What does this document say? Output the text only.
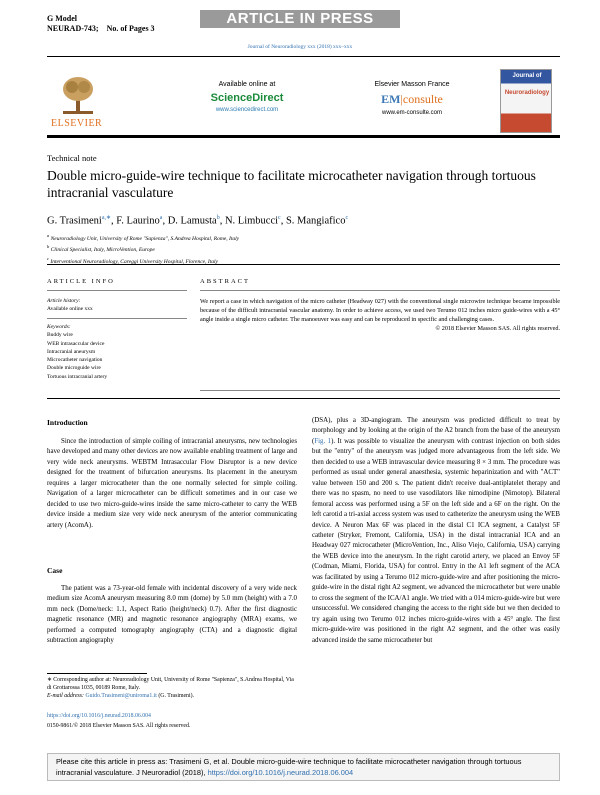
G Model
NEURAD-743; No. of Pages 3
ARTICLE IN PRESS
Journal of Neuroradiology xxx (2018) xxx–xxx
ELSEVIER
Available online at
ScienceDirect
www.sciencedirect.com
Elsevier Masson France
EM|consulte
www.em-consulte.com
Journal of
Neuroradiology
Technical note
Double micro-guide-wire technique to facilitate microcatheter navigation through tortuous intracranial vasculature
G. Trasimeni$^{a,∗}$, F. Laurino$^a$, D. Lamusta$^b$, N. Limbucci$^c$, S. Mangiafico$^c$
$^a$ Neuroradiology Unit, University of Rome "Sapienza", S.Andrea Hospital, Rome, Italy
$^b$ Clinical Specialist, Italy, MicroVention, Europe
$^c$ Interventional Neuroradiology, Careggi University Hospital, Florence, Italy
ARTICLE INFO	ABSTRACT
Article history:
Available online xxx
Keywords:
Buddy wire
WEB intrasaccular device
Intracranial aneurysm
Microcatheter navigation
Double microguide wire
Tortuous intracranial artery
We report a case in which navigation of the micro catheter (Headway 027) with the conventional single microwire technique became impossible because of the difficult intracranial vascular anatomy. In order to achieve access, we used two Terumo 012 inches micro guide-wires with a 45° angle inside a single micro catheter. The manoeuver was easy and can be reproduced in specific and challenging cases.
© 2018 Elsevier Masson SAS. All rights reserved.
Introduction
Since the introduction of simple coiling of intracranial aneurysms, new technologies have developed and many other devices are now available enabling treatment of large and very wide neck aneurysms. WEBTM Intrasaccular Flow Disruptor is a new device designed for the treatment of bifurcation aneurysms. Its placement in the aneurysm requires a larger microcatheter than the one normally selected for simple coiling. Navigation of a larger microcatheter can be difficult sometimes and in our case we decided to use two micro-guide-wires inside the same micro-catheter to carry the WEB device inside a medium size very wide neck aneurysm of the anterior communicating artery (AcomA).
Case
The patient was a 73-year-old female with incidental discovery of a very wide neck medium size AcomA aneurysm measuring 8.0 mm (dome) by 5.0 mm (height) with a 7.0 mm neck (Dome/neck: 1.1, Aspect Ratio (height/neck) 0.7). After the first diagnostic magnetic resonance (MR) and magnetic resonance angiography (MRA) exams, we performed a computed tomography angiography (CTA) and a diagnostic digital subtraction angiography
(DSA), plus a 3D-angiogram. The aneurysm was predicted difficult to treat by morphology and by looking at the origin of the A2 branch from the base of the aneurysm (Fig. 1). It was possible to visualize the aneurysm with contrast injection on both sides but the "entry" of the aneurysm was judged more advantageous from the left side. We then decided to use a WEB intravascular device measuring 8 × 3 mm. The procedure was performed as usual under general anaesthesia, systemic heparinization and with "ACT" value between 150 and 200 s. The patient didn't receive dual-antiplatelet therapy and there was no spasm, no need to use vasodilators like nimodipine (Nimotop). Bilateral femoral access was performed using a 5F on the left side and a 6F on the right. On the left carotid a tri-axial access system was used to catheterize the aneurysm using the WEB device. A Neuron Max 6F was placed in the distal C1 ICA segment, a Catalyst 5F catheter (Stryker, Fremont, California, USA) in the distal intracranial ICA and an Headway 027 microcatheter (MicroVention, Inc., Aliso Viejo, California, USA) carrying the WEB device into the aneurysm. In the right carotid artery, we placed an Envoy 5F (Codman, Miami, Florida, USA) for control. Entry in the A1 left segment of the ACA was facilitated by using a Terumo 012 micro-guide-wire and after positioning the micro-guide-wire in the distal right A2 segment, we advanced the microcatheter but were unable to cross the segment of the ICA/A1 angle. We tried with a 014 micro-guide-wire but were unsuccessful. We considered changing the access to the right side but we then decided to try again using two Terumo 012 inches micro-guide-wires with a 45° angle. The first micro-guide-wire was positioned in the right A2 segment, and the other was easily advanced inside the same microcatheter but
∗ Corresponding author at: Neuroradiology Unit, University of Rome "Sapienza", S.Andrea Hospital, Via di Grottarossa 1035, 00189 Rome, Italy.
E-mail address: Guido.Trasimeni@uniroma1.it (G. Trasimeni).
https://doi.org/10.1016/j.neurad.2018.06.004
0150-9861/© 2018 Elsevier Masson SAS. All rights reserved.
Please cite this article in press as: Trasimeni G, et al. Double micro-guide-wire technique to facilitate microcatheter navigation through tortuous intracranial vasculature. J Neuroradiol (2018), https://doi.org/10.1016/j.neurad.2018.06.004
